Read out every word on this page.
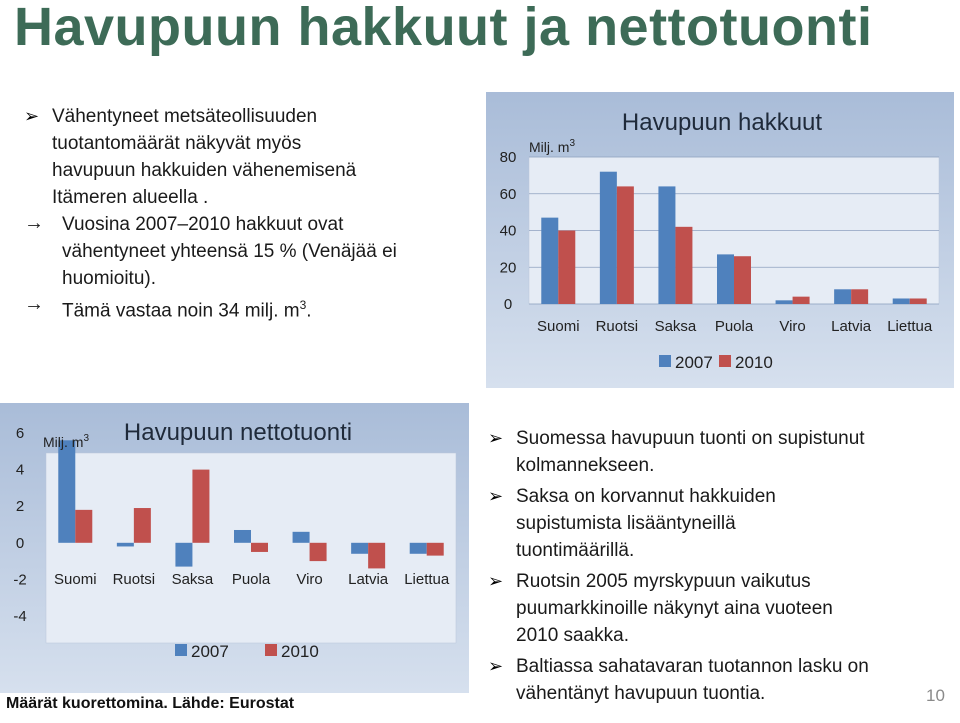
Havupuun hakkuut ja nettotuonti
➢ Vähentyneet metsäteollisuuden
tuotantomäärät näkyvät myös
havupuun hakkuiden vähenemisenä
Itämeren alueella .
→ Vuosina 2007–2010 hakkuut ovat
vähentyneet yhteensä 15 % (Venäjää ei
huomioitu).
→ Tämä vastaa noin 34 milj. $m^3$.	0
20
40
60
80
Suomi Ruotsi Saksa Puola Viro Latvia Liettua
Havupuun hakkuut
Milj. $m^3$
2007 2010
6
4
2
0
-2
-4
Suomi Ruotsi Saksa Puola Viro Latvia Liettua
Havupuun nettotuonti
Milj. $m^3$
2007	2010
➢ Suomessa havupuun tuonti on supistunut
kolmannekseen.
➢ Saksa on korvannut hakkuiden
supistumista lisääntyneillä
tuontimäärillä.
➢ Ruotsin 2005 myrskypuun vaikutus
puumarkkinoille näkynyt aina vuoteen
2010 saakka.
➢ Baltiassa sahatavaran tuotannon lasku on
vähentänyt havupuun tuontia.
Määrät kuorettomina. Lähde: Eurostat	10
